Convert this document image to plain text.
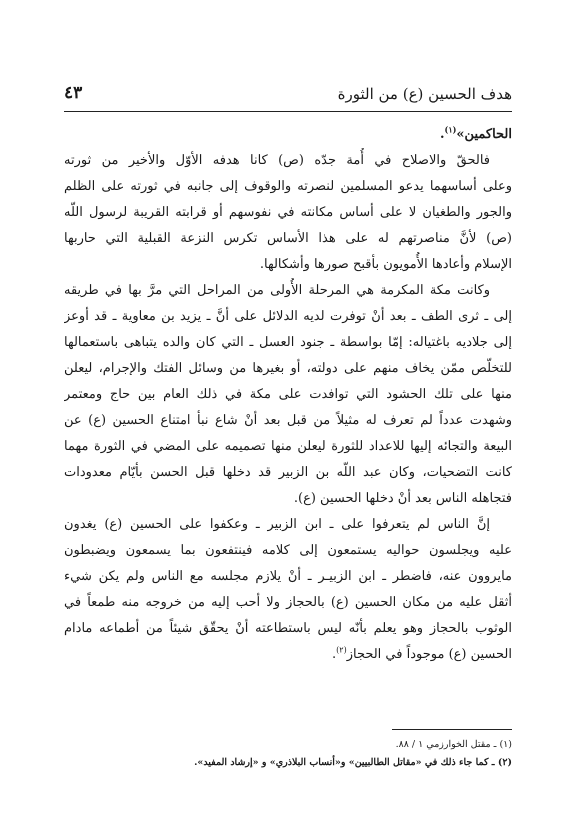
هدف الحسين (ع) من الثورة
٤٣
الحاكمين»$^{(١)}$.
فالحقّ والاصلاح في أُمة جدّه (ص) كانا هدفه الأوّل والأخير من ثورته
وعلى أساسهما يدعو المسلمين لنصرته والوقوف إلى جانبه في ثورته على الظلم
والجور والطغيان لا على أساس مكانته في نفوسهم أو قرابته القريبة لرسول اللّه
(ص) لأنَّ مناصرتهم له على هذا الأساس تكرس النزعة القبلية التي حاربها
الإسلام وأعادها الأُمويون بأقبح صورها وأشكالها.
وكانت مكة المكرمة هي المرحلة الأُولى من المراحل التي مرَّ بها في طريقه
إلى ـ ثرى الطف ـ بعد أنْ توفرت لديه الدلائل على أنَّ ـ يزيد بن معاوية ـ قد أوعز
إلى جلاديه باغتياله: إمّا بواسطة ـ جنود العسل ـ التي كان والده يتباهى باستعمالها
للتخلّص ممّن يخاف منهم على دولته، أو بغيرها من وسائل الفتك والإجرام، ليعلن
منها على تلك الحشود التي توافدت على مكة في ذلك العام بين حاج ومعتمر
وشهدت عدداً لم تعرف له مثيلاً من قبل بعد أنْ شاع نبأ امتناع الحسين (ع) عن
البيعة والتجائه إليها للاعداد للثورة ليعلن منها تصميمه على المضي في الثورة مهما
كانت التضحيات، وكان عبد اللّه بن الزبير قد دخلها قبل الحسن بأيّام معدودات
فتجاهله الناس بعد أنْ دخلها الحسين (ع).
إنَّ الناس لم يتعرفوا على ـ ابن الزبير ـ وعكفوا على الحسين (ع) يغدون
عليه ويجلسون حواليه يستمعون إلى كلامه فينتفعون بما يسمعون ويضبطون
مايروون عنه، فاضطر ـ ابن الزبيـر ـ أنْ يلازم مجلسه مع الناس ولم يكن شيء
أثقل عليه من مكان الحسين (ع) بالحجاز ولا أحب إليه من خروجه منه طمعاً في
الوثوب بالحجاز وهو يعلم بأنّه ليس باستطاعته أنْ يحقّق شيئاً من أطماعه مادام
الحسين (ع) موجوداً في الحجاز$^{(٢)}$.
(١) ـ مقتل الخوارزمي ١ / ٨٨.
(٢) ـ كما جاء ذلك في «مقاتل الطالبيين» و«أنساب البلاذري» و «إرشاد المفيد».
